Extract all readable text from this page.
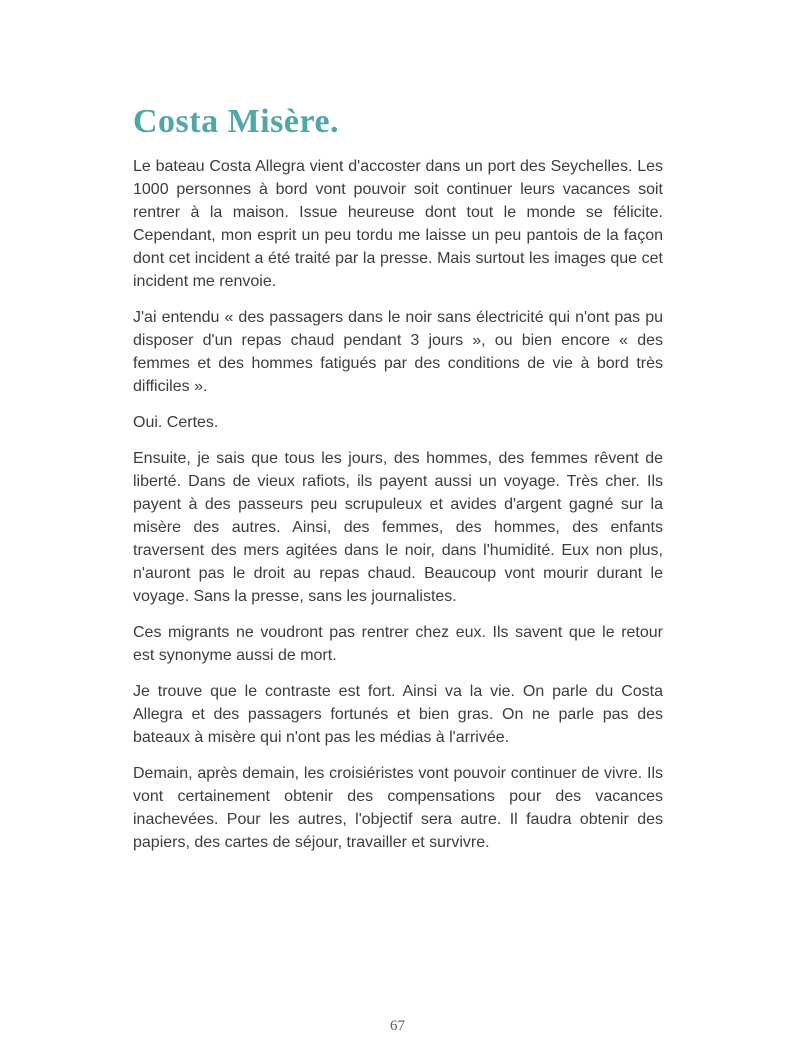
Costa Misère.

Le bateau Costa Allegra vient d'accoster dans un port des Seychelles. Les 1000 personnes à bord vont pouvoir soit continuer leurs vacances soit rentrer à la maison. Issue heureuse dont tout le monde se félicite. Cependant, mon esprit un peu tordu me laisse un peu pantois de la façon dont cet incident a été traité par la presse. Mais surtout les images que cet incident me renvoie.

J'ai entendu « des passagers dans le noir sans électricité qui n'ont pas pu disposer d'un repas chaud pendant 3 jours », ou bien encore « des femmes et des hommes fatigués par des conditions de vie à bord très difficiles ».

Oui. Certes.

Ensuite, je sais que tous les jours, des hommes, des femmes rêvent de liberté. Dans de vieux rafiots, ils payent aussi un voyage. Très cher. Ils payent à des passeurs peu scrupuleux et avides d'argent gagné sur la misère des autres. Ainsi, des femmes, des hommes, des enfants traversent des mers agitées dans le noir, dans l'humidité. Eux non plus, n'auront pas le droit au repas chaud. Beaucoup vont mourir durant le voyage. Sans la presse, sans les journalistes.

Ces migrants ne voudront pas rentrer chez eux. Ils savent que le retour est synonyme aussi de mort.

Je trouve que le contraste est fort. Ainsi va la vie. On parle du Costa Allegra et des passagers fortunés et bien gras. On ne parle pas des bateaux à misère qui n'ont pas les médias à l'arrivée.

Demain, après demain, les croisiéristes vont pouvoir continuer de vivre. Ils vont certainement obtenir des compensations pour des vacances inachevées. Pour les autres, l'objectif sera autre. Il faudra obtenir des papiers, des cartes de séjour, travailler et survivre.

67
